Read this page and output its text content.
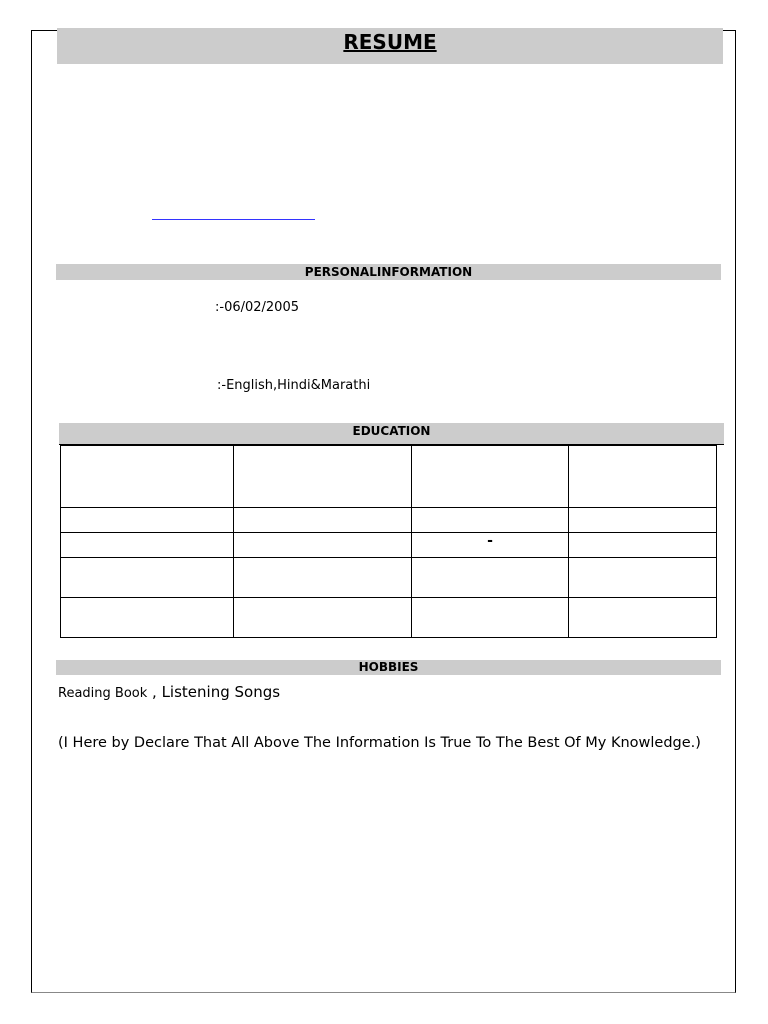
RESUME
PERSONALINFORMATION
:-06/02/2005
:-English,Hindi&Marathi
EDUCATION

		-	

HOBBIES
Reading Book , Listening Songs
(I Here by Declare That All Above The Information Is True To The Best Of My Knowledge.)
